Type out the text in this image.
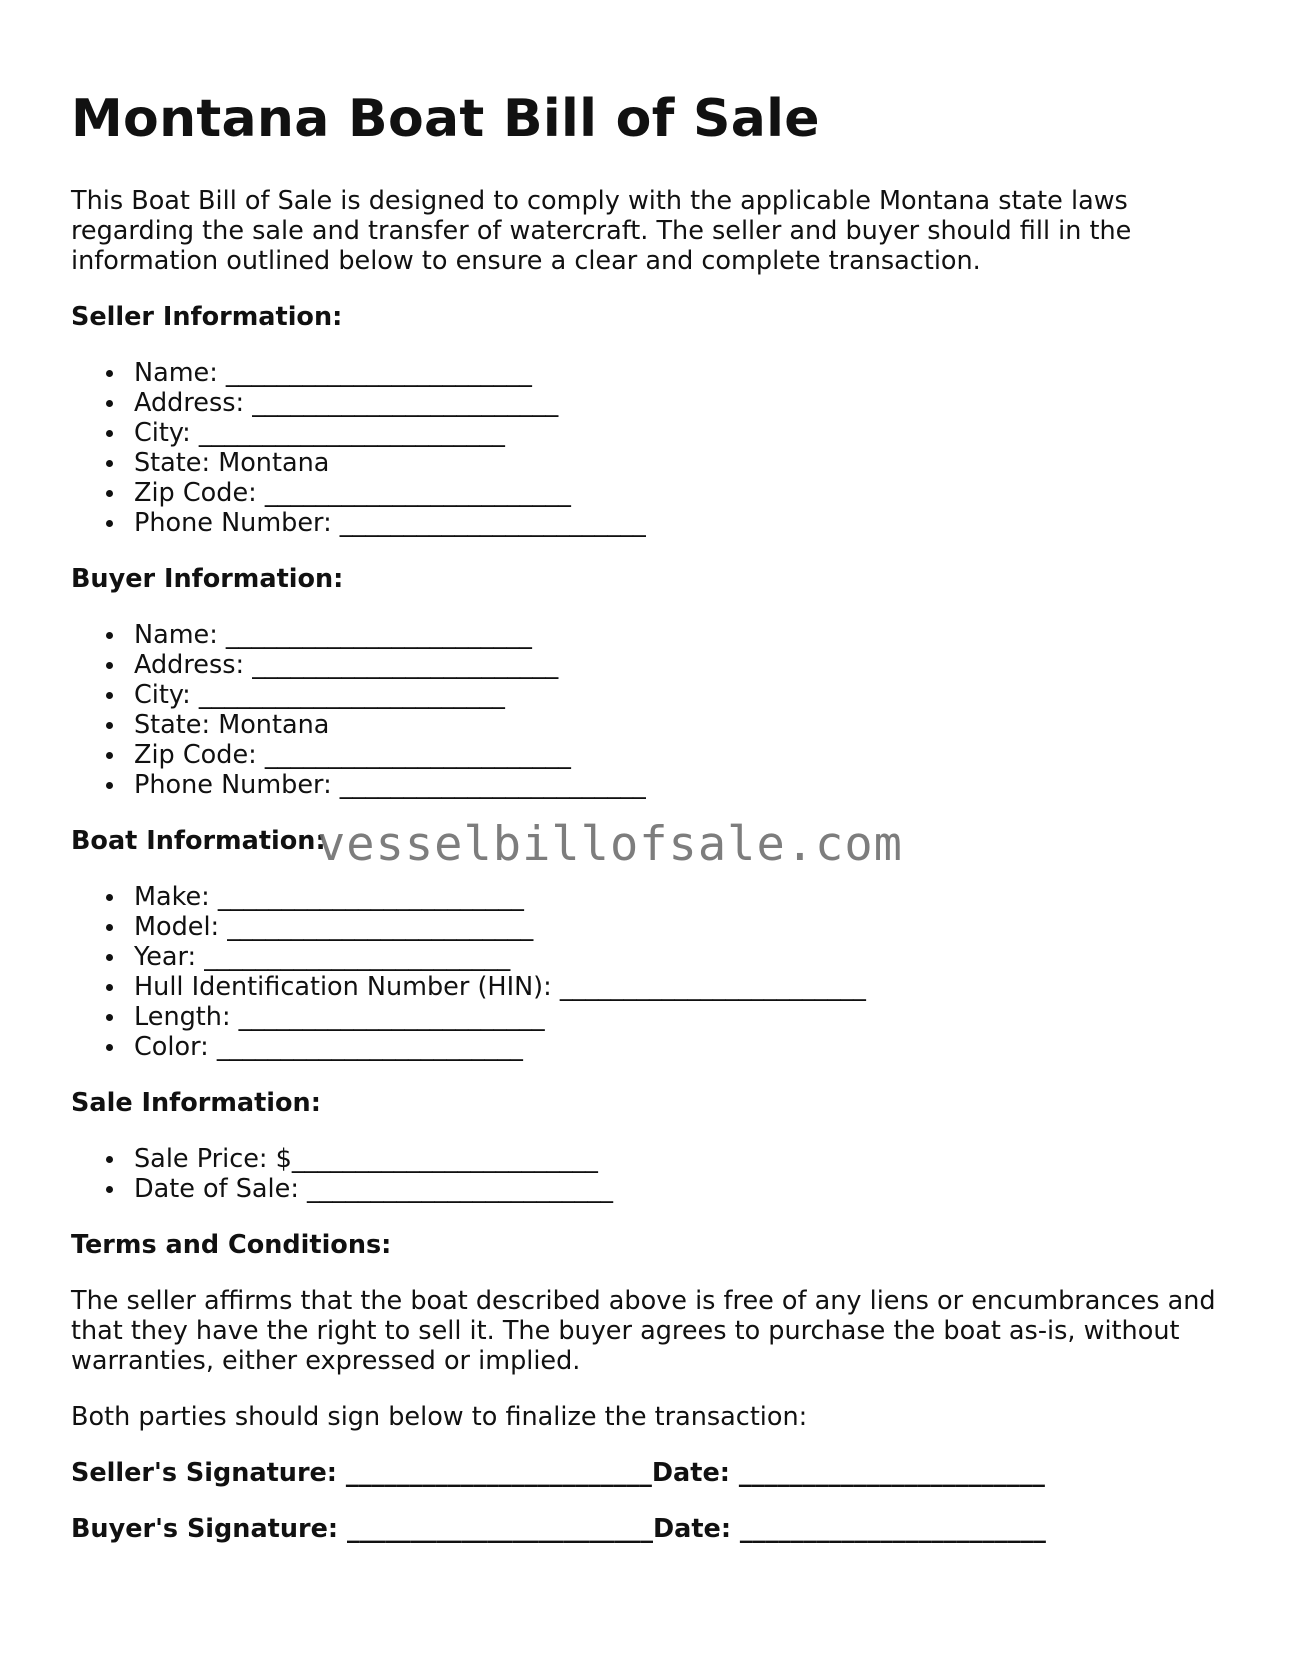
Montana Boat Bill of Sale

This Boat Bill of Sale is designed to comply with the applicable Montana state laws regarding the sale and transfer of watercraft. The seller and buyer should fill in the information outlined below to ensure a clear and complete transaction.

Seller Information:
Name: ________________________
Address: ________________________
City: ________________________
State: Montana
Zip Code: ________________________
Phone Number: ________________________
Buyer Information:
Name: ________________________
Address: ________________________
City: ________________________
State: Montana
Zip Code: ________________________
Phone Number: ________________________
Boat Information:
Make: ________________________
Model: ________________________
Year: ________________________
Hull Identification Number (HIN): ________________________
Length: ________________________
Color: ________________________
Sale Information:
Sale Price: $________________________
Date of Sale: ________________________
Terms and Conditions:

The seller affirms that the boat described above is free of any liens or encumbrances and that they have the right to sell it. The buyer agrees to purchase the boat as-is, without warranties, either expressed or implied.

Both parties should sign below to finalize the transaction:

Seller's Signature: ________________________Date: ________________________
Buyer's Signature: ________________________Date: ________________________
vesselbillofsale.com
